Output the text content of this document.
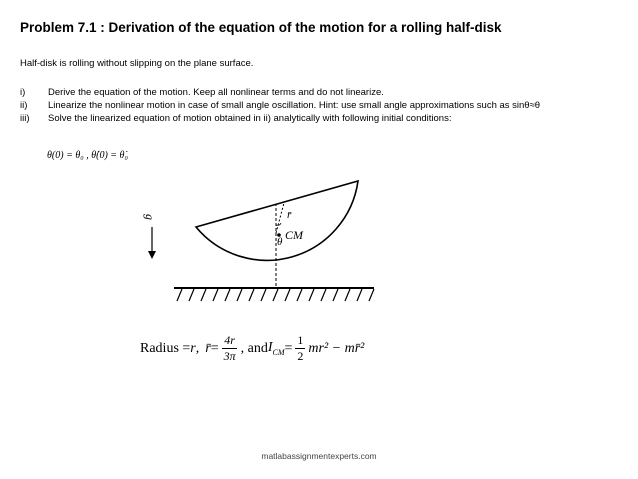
Problem 7.1 : Derivation of the equation of the motion for a rolling half-disk
Half-disk is rolling without slipping on the plane surface.
i)	Derive the equation of the motion. Keep all nonlinear terms and do not linearize.
ii)	Linearize the nonlinear motion in case of small angle oscillation. Hint: use small angle approximations such as sinθ≈θ
iii)	Solve the linearized equation of motion obtained in ii) analytically with following initial conditions:
θ(0) = θ₀ , θ̇(0) = θ̇₀
g	r̄
θ CM
Radius = r , r̄ = $\frac{4r}{3\pi}$ , and $I_{CM} = \frac{1}{2} mr^2$ − mr̄²
matlabassignmentexperts.com
